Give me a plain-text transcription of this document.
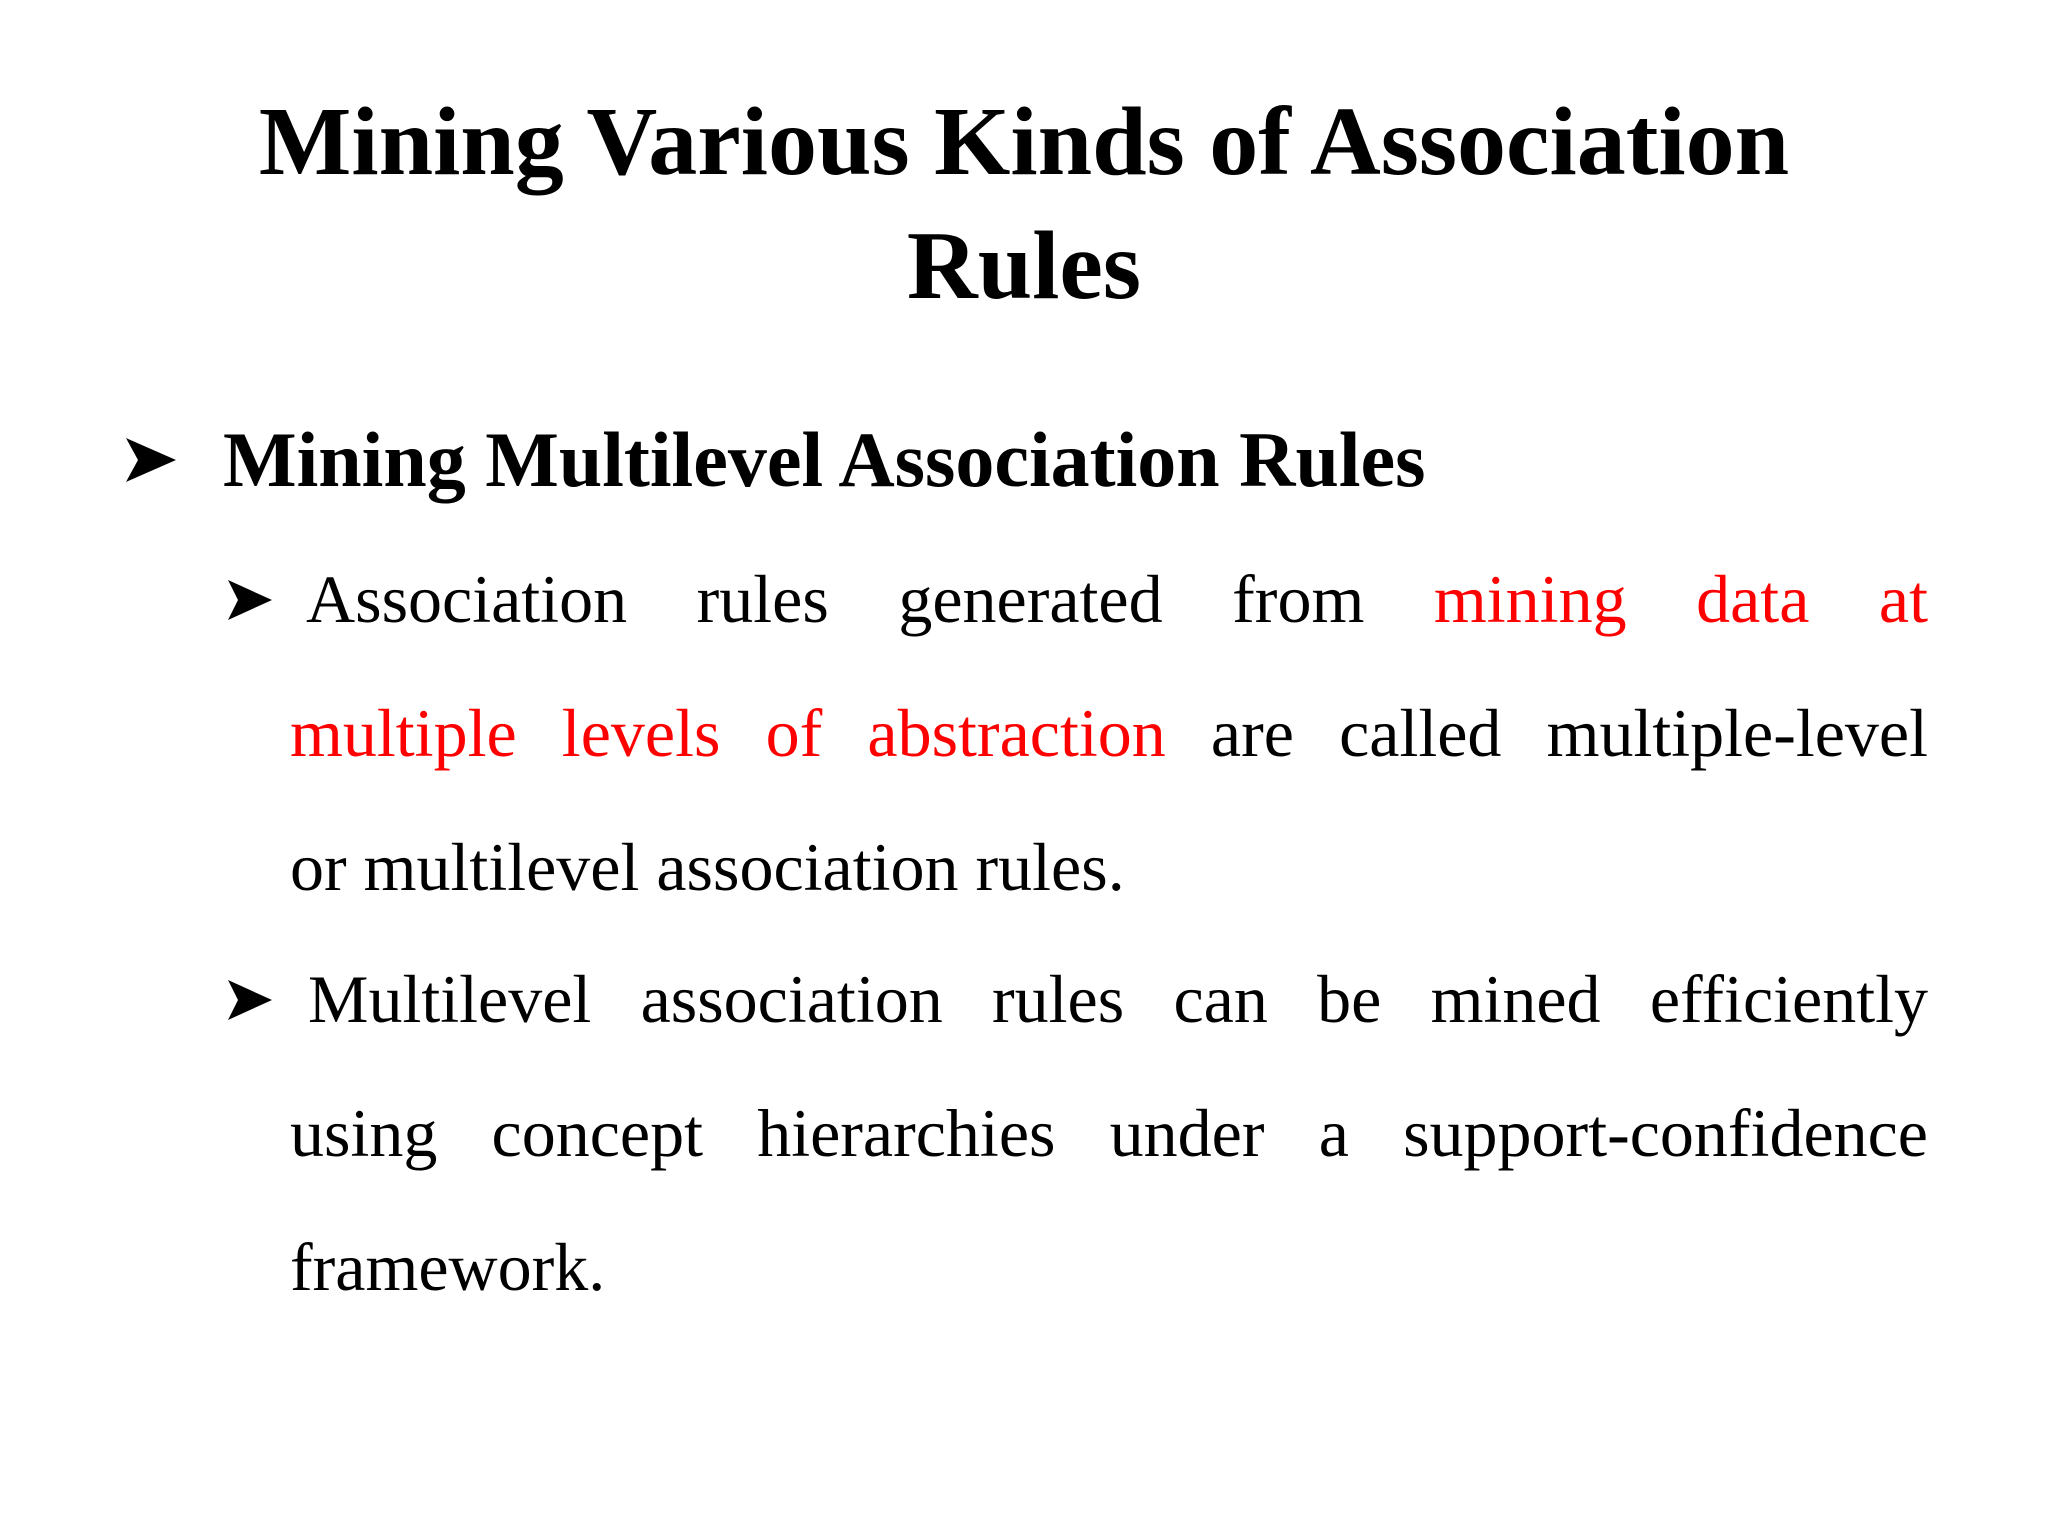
Mining Various Kinds of Association
Rules
Mining Multilevel Association Rules
Association rules generated from mining data at
multiple levels of abstraction are called multiple-level
or multilevel association rules.
Multilevel association rules can be mined efficiently
using concept hierarchies under a support-confidence
framework.
